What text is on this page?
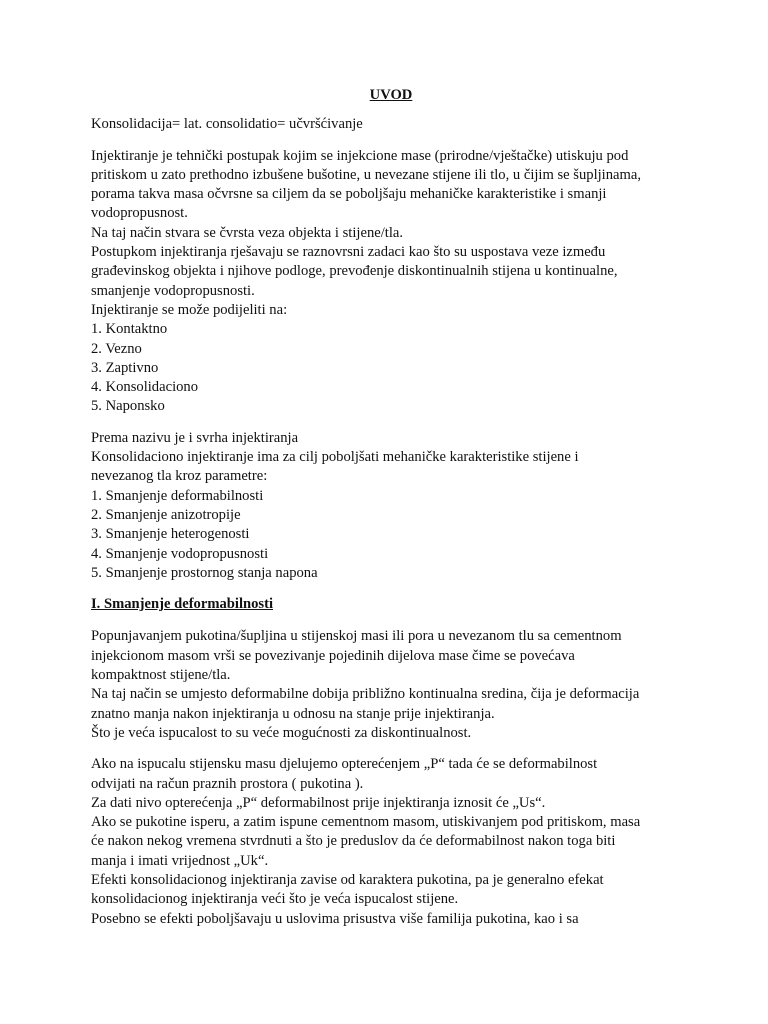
UVOD
Konsolidacija= lat. consolidatio= učvršćivanje
Injektiranje je tehnički postupak kojim se injekcione mase (prirodne/vještačke) utiskuju pod
pritiskom u zato prethodno izbušene bušotine, u nevezane stijene ili tlo, u čijim se šupljinama,
porama takva masa očvrsne sa ciljem da se poboljšaju mehaničke karakteristike i smanji
vodopropusnost.
Na taj način stvara se čvrsta veza objekta i stijene/tla.
Postupkom injektiranja rješavaju se raznovrsni zadaci kao što su uspostava veze između
građevinskog objekta i njihove podloge, prevođenje diskontinualnih stijena u kontinualne,
smanjenje vodopropusnosti.
Injektiranje se može podijeliti na:
1. Kontaktno
2. Vezno
3. Zaptivno
4. Konsolidaciono
5. Naponsko
Prema nazivu je i svrha injektiranja
Konsolidaciono injektiranje ima za cilj poboljšati mehaničke karakteristike stijene i
nevezanog tla kroz parametre:
1. Smanjenje deformabilnosti
2. Smanjenje anizotropije
3. Smanjenje heterogenosti
4. Smanjenje vodopropusnosti
5. Smanjenje prostornog stanja napona
I. Smanjenje deformabilnosti
Popunjavanjem pukotina/šupljina u stijenskoj masi ili pora u nevezanom tlu sa cementnom
injekcionom masom vrši se povezivanje pojedinih dijelova mase čime se povećava
kompaktnost stijene/tla.
Na taj način se umjesto deformabilne dobija približno kontinualna sredina, čija je deformacija
znatno manja nakon injektiranja u odnosu na stanje prije injektiranja.
Što je veća ispucalost to su veće mogućnosti za diskontinualnost.
Ako na ispucalu stijensku masu djelujemo opterećenjem „P“ tada će se deformabilnost
odvijati na račun praznih prostora ( pukotina ).
Za dati nivo opterećenja „P“ deformabilnost prije injektiranja iznosit će „Us“.
Ako se pukotine isperu, a zatim ispune cementnom masom, utiskivanjem pod pritiskom, masa
će nakon nekog vremena stvrdnuti a što je preduslov da će deformabilnost nakon toga biti
manja i imati vrijednost „Uk“.
Efekti konsolidacionog injektiranja zavise od karaktera pukotina, pa je generalno efekat
konsolidacionog injektiranja veći što je veća ispucalost stijene.
Posebno se efekti poboljšavaju u uslovima prisustva više familija pukotina, kao i sa
